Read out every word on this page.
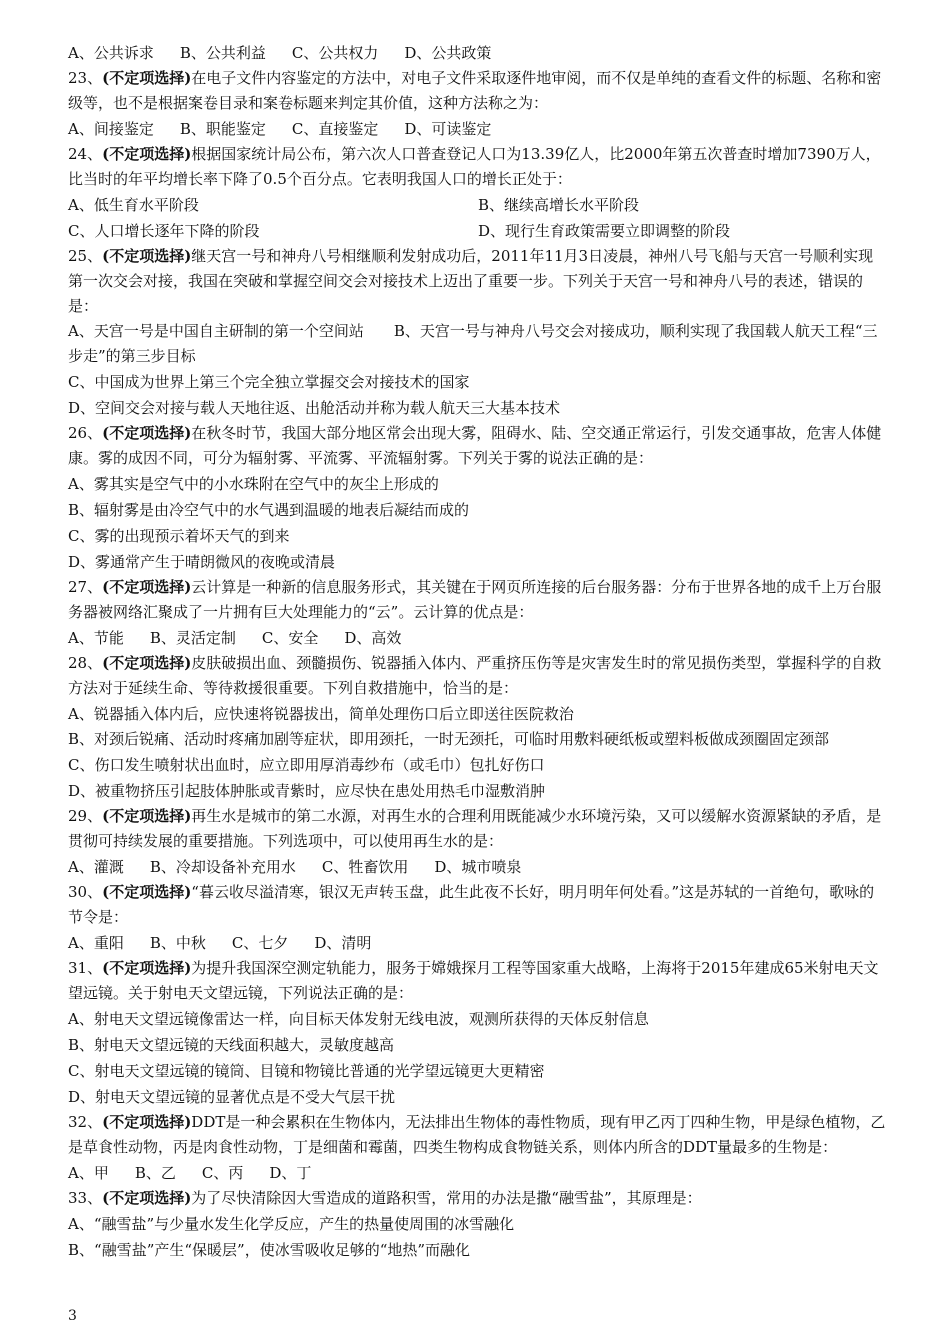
A、公共诉求 B、公共利益 C、公共权力 D、公共政策
23、(不定项选择)在电子文件内容鉴定的方法中，对电子文件采取逐件地审阅，而不仅是单纯的查看文件的标题、名称和密级等，也不是根据案卷目录和案卷标题来判定其价值，这种方法称之为：
A、间接鉴定 B、职能鉴定 C、直接鉴定 D、可读鉴定
24、(不定项选择)根据国家统计局公布，第六次人口普查登记人口为13.39亿人，比2000年第五次普查时增加7390万人，比当时的年平均增长率下降了0.5个百分点。它表明我国人口的增长正处于：
A、低生育水平阶段	B、继续高增长水平阶段
C、人口增长逐年下降的阶段	D、现行生育政策需要立即调整的阶段
25、(不定项选择)继天宫一号和神舟八号相继顺利发射成功后，2011年11月3日凌晨，神州八号飞船与天宫一号顺利实现第一次交会对接，我国在突破和掌握空间交会对接技术上迈出了重要一步。下列关于天宫一号和神舟八号的表述，错误的是：
A、天宫一号是中国自主研制的第一个空间站　　B、天宫一号与神舟八号交会对接成功，顺利实现了我国载人航天工程“三步走”的第三步目标
C、中国成为世界上第三个完全独立掌握交会对接技术的国家
D、空间交会对接与载人天地往返、出舱活动并称为载人航天三大基本技术
26、(不定项选择)在秋冬时节，我国大部分地区常会出现大雾，阻碍水、陆、空交通正常运行，引发交通事故，危害人体健康。雾的成因不同，可分为辐射雾、平流雾、平流辐射雾。下列关于雾的说法正确的是：
A、雾其实是空气中的小水珠附在空气中的灰尘上形成的
B、辐射雾是由冷空气中的水气遇到温暖的地表后凝结而成的
C、雾的出现预示着坏天气的到来
D、雾通常产生于晴朗微风的夜晚或清晨
27、(不定项选择)云计算是一种新的信息服务形式，其关键在于网页所连接的后台服务器：分布于世界各地的成千上万台服务器被网络汇聚成了一片拥有巨大处理能力的“云”。云计算的优点是：
A、节能 B、灵活定制 C、安全 D、高效
28、(不定项选择)皮肤破损出血、颈髓损伤、锐器插入体内、严重挤压伤等是灾害发生时的常见损伤类型，掌握科学的自救方法对于延续生命、等待救援很重要。下列自救措施中，恰当的是：
A、锐器插入体内后，应快速将锐器拔出，简单处理伤口后立即送往医院救治
B、对颈后锐痛、活动时疼痛加剧等症状，即用颈托，一时无颈托，可临时用敷料硬纸板或塑料板做成颈圈固定颈部
C、伤口发生喷射状出血时，应立即用厚消毒纱布（或毛巾）包扎好伤口
D、被重物挤压引起肢体肿胀或青紫时，应尽快在患处用热毛巾湿敷消肿
29、(不定项选择)再生水是城市的第二水源，对再生水的合理利用既能减少水环境污染，又可以缓解水资源紧缺的矛盾，是贯彻可持续发展的重要措施。下列选项中，可以使用再生水的是：
A、灌溉 B、冷却设备补充用水 C、牲畜饮用 D、城市喷泉
30、(不定项选择)“暮云收尽溢清寒，银汉无声转玉盘，此生此夜不长好，明月明年何处看。”这是苏轼的一首绝句，歌咏的节令是：
A、重阳 B、中秋 C、七夕 D、清明
31、(不定项选择)为提升我国深空测定轨能力，服务于嫦娥探月工程等国家重大战略，上海将于2015年建成65米射电天文望远镜。关于射电天文望远镜，下列说法正确的是：
A、射电天文望远镜像雷达一样，向目标天体发射无线电波，观测所获得的天体反射信息
B、射电天文望远镜的天线面积越大，灵敏度越高
C、射电天文望远镜的镜筒、目镜和物镜比普通的光学望远镜更大更精密
D、射电天文望远镜的显著优点是不受大气层干扰
32、(不定项选择)DDT是一种会累积在生物体内，无法排出生物体的毒性物质，现有甲乙丙丁四种生物，甲是绿色植物，乙是草食性动物，丙是肉食性动物，丁是细菌和霉菌，四类生物构成食物链关系，则体内所含的DDT量最多的生物是：
A、甲 B、乙 C、丙 D、丁
33、(不定项选择)为了尽快清除因大雪造成的道路积雪，常用的办法是撒“融雪盐”，其原理是：
A、“融雪盐”与少量水发生化学反应，产生的热量使周围的冰雪融化
B、“融雪盐”产生“保暖层”，使冰雪吸收足够的“地热”而融化
3
